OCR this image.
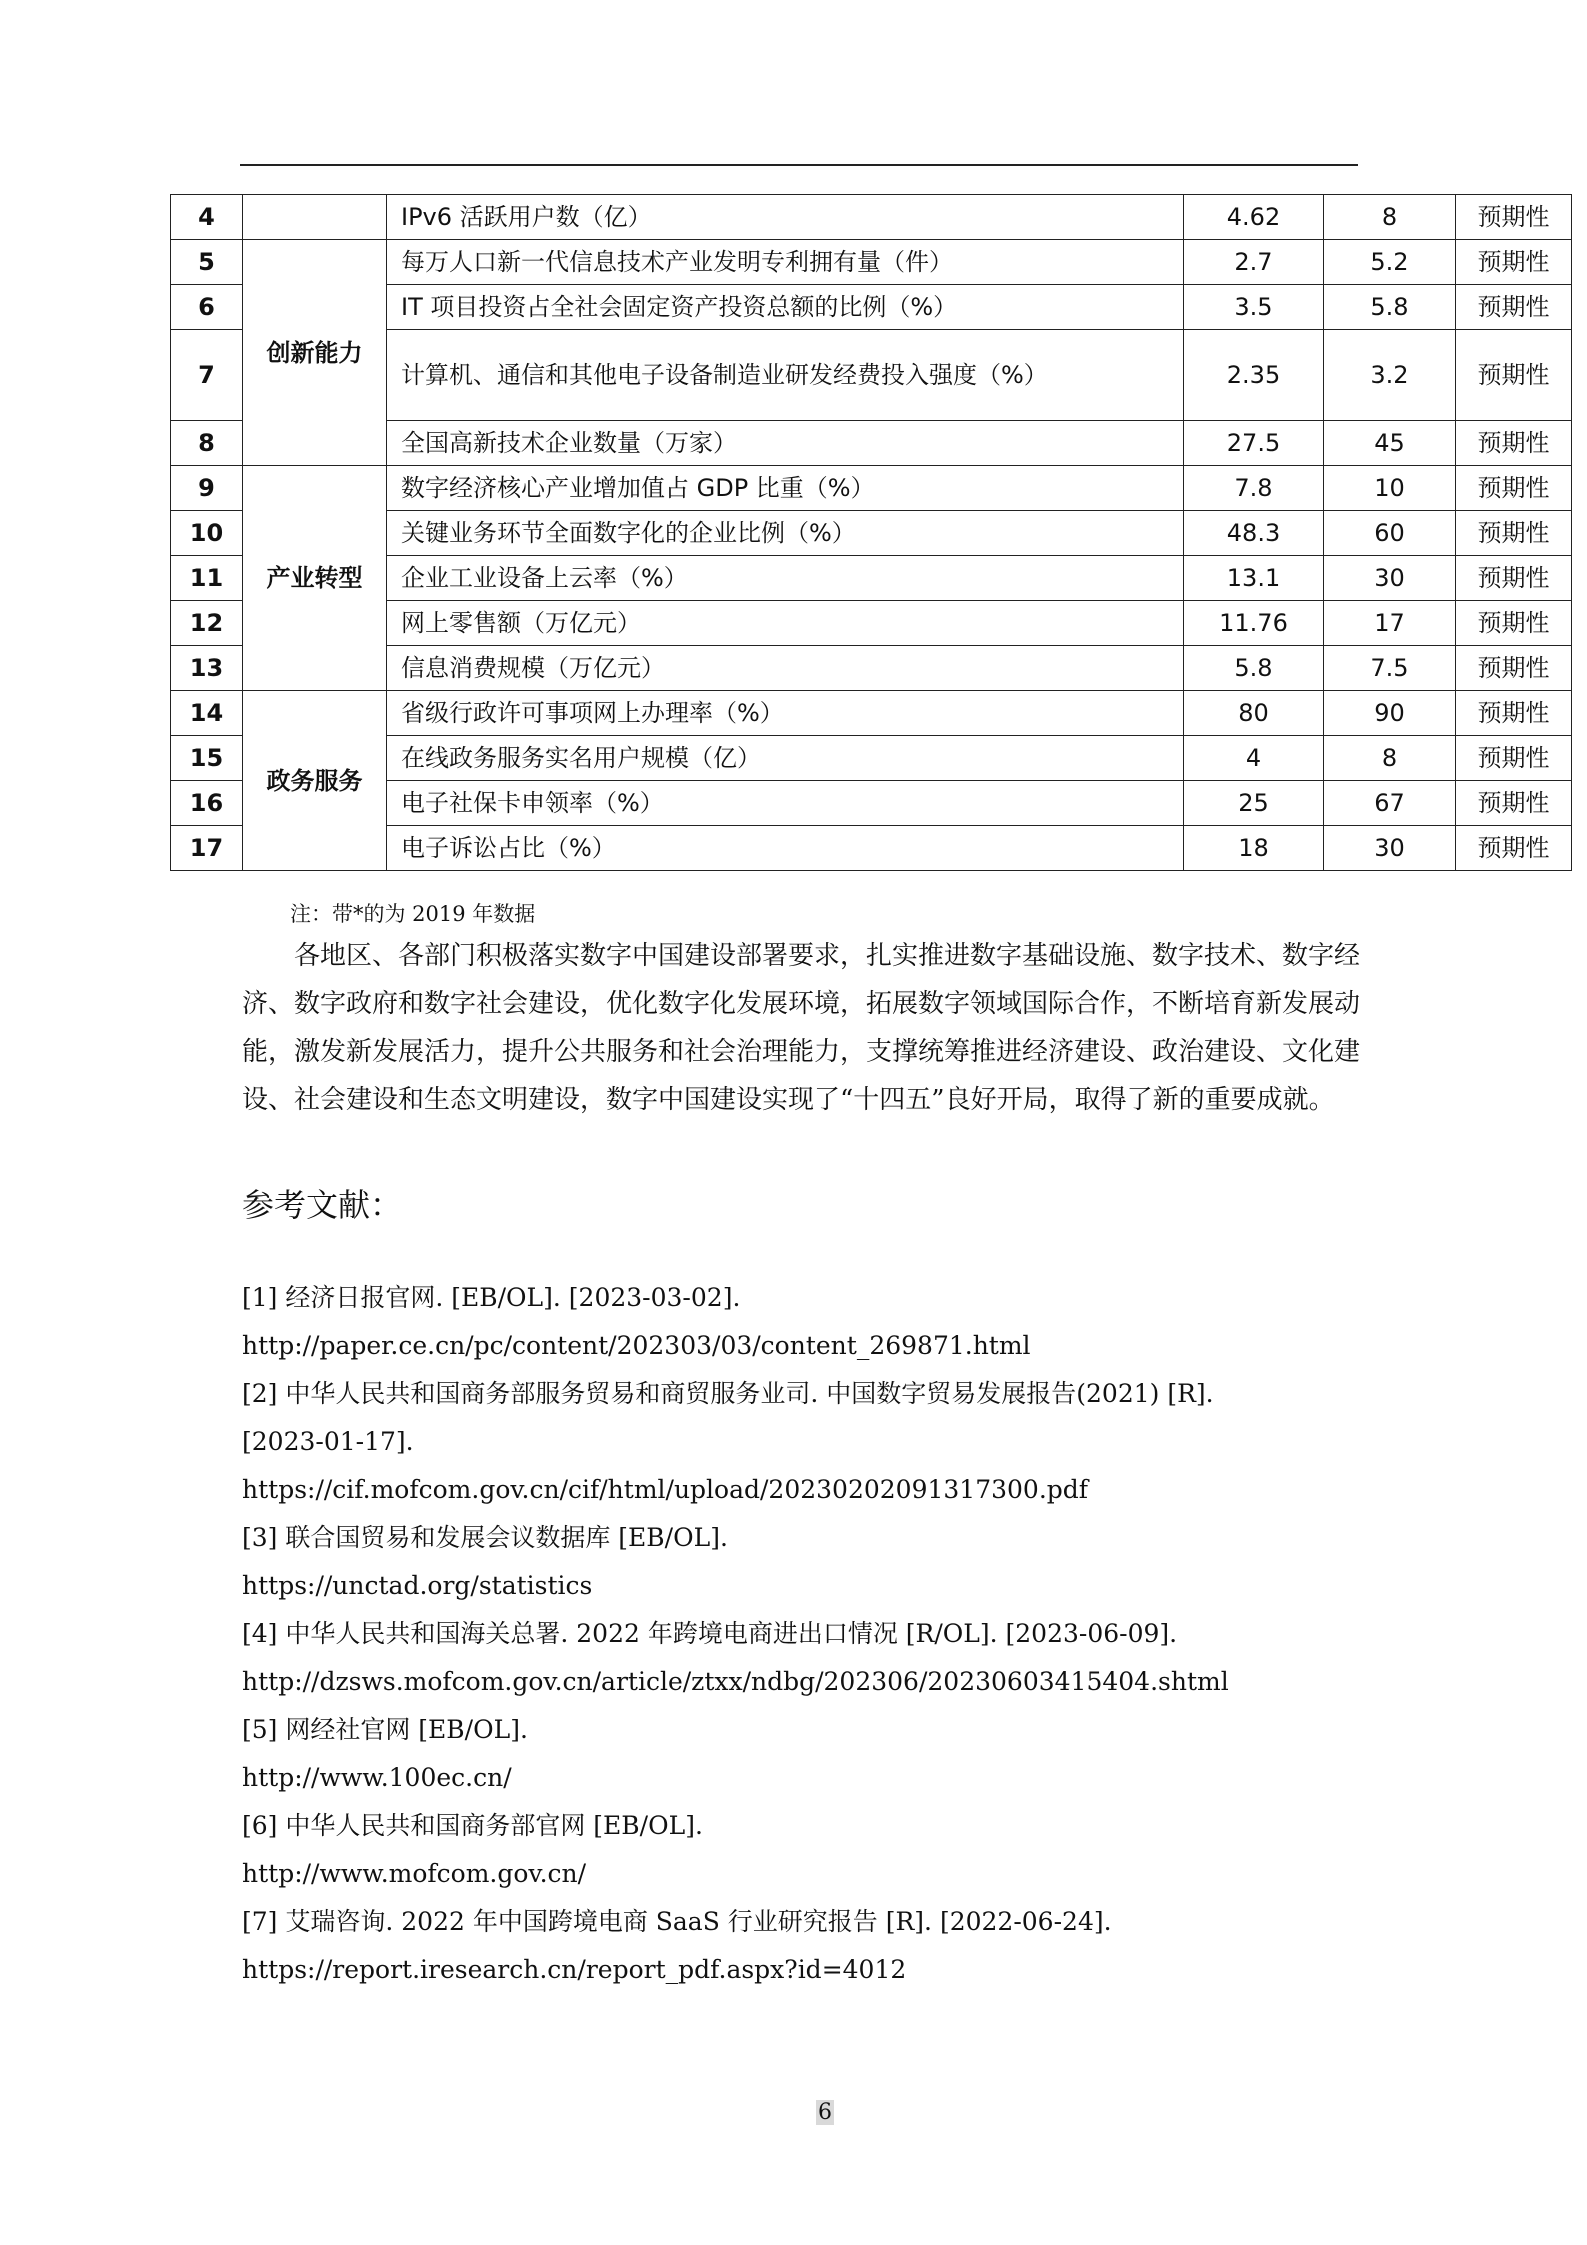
4		IPv6 活跃用户数（亿）	4.62	8	预期性
5	创新能力	每万人口新一代信息技术产业发明专利拥有量（件）	2.7	5.2	预期性
6		IT 项目投资占全社会固定资产投资总额的比例（%）	3.5	5.8	预期性
7		计算机、通信和其他电子设备制造业研发经费投入强度（%）	2.35	3.2	预期性
8		全国高新技术企业数量（万家）	27.5	45	预期性
9	产业转型	数字经济核心产业增加值占 GDP 比重（%）	7.8	10	预期性
10		关键业务环节全面数字化的企业比例（%）	48.3	60	预期性
11		企业工业设备上云率（%）	13.1	30	预期性
12		网上零售额（万亿元）	11.76	17	预期性
13		信息消费规模（万亿元）	5.8	7.5	预期性
14	政务服务	省级行政许可事项网上办理率（%）	80	90	预期性
15		在线政务服务实名用户规模（亿）	4	8	预期性
16		电子社保卡申领率（%）	25	67	预期性
17		电子诉讼占比（%）	18	30	预期性
注：带*的为 2019 年数据

各地区、各部门积极落实数字中国建设部署要求，扎实推进数字基础设施、数字技术、数字经济、数字政府和数字社会建设，优化数字化发展环境，拓展数字领域国际合作，不断培育新发展动能，激发新发展活力，提升公共服务和社会治理能力，支撑统筹推进经济建设、政治建设、文化建设、社会建设和生态文明建设，数字中国建设实现了“十四五”良好开局，取得了新的重要成就。

参考文献：
[1] 经济日报官网. [EB/OL]. [2023-03-02].
http://paper.ce.cn/pc/content/202303/03/content_269871.html
[2] 中华人民共和国商务部服务贸易和商贸服务业司. 中国数字贸易发展报告(2021) [R].
[2023-01-17].
https://cif.mofcom.gov.cn/cif/html/upload/20230202091317300.pdf
[3] 联合国贸易和发展会议数据库 [EB/OL].
https://unctad.org/statistics
[4] 中华人民共和国海关总署. 2022 年跨境电商进出口情况 [R/OL]. [2023-06-09].
http://dzsws.mofcom.gov.cn/article/ztxx/ndbg/202306/20230603415404.shtml
[5] 网经社官网 [EB/OL].
http://www.100ec.cn/
[6] 中华人民共和国商务部官网 [EB/OL].
http://www.mofcom.gov.cn/
[7] 艾瑞咨询. 2022 年中国跨境电商 SaaS 行业研究报告 [R]. [2022-06-24].
https://report.iresearch.cn/report_pdf.aspx?id=4012
6
